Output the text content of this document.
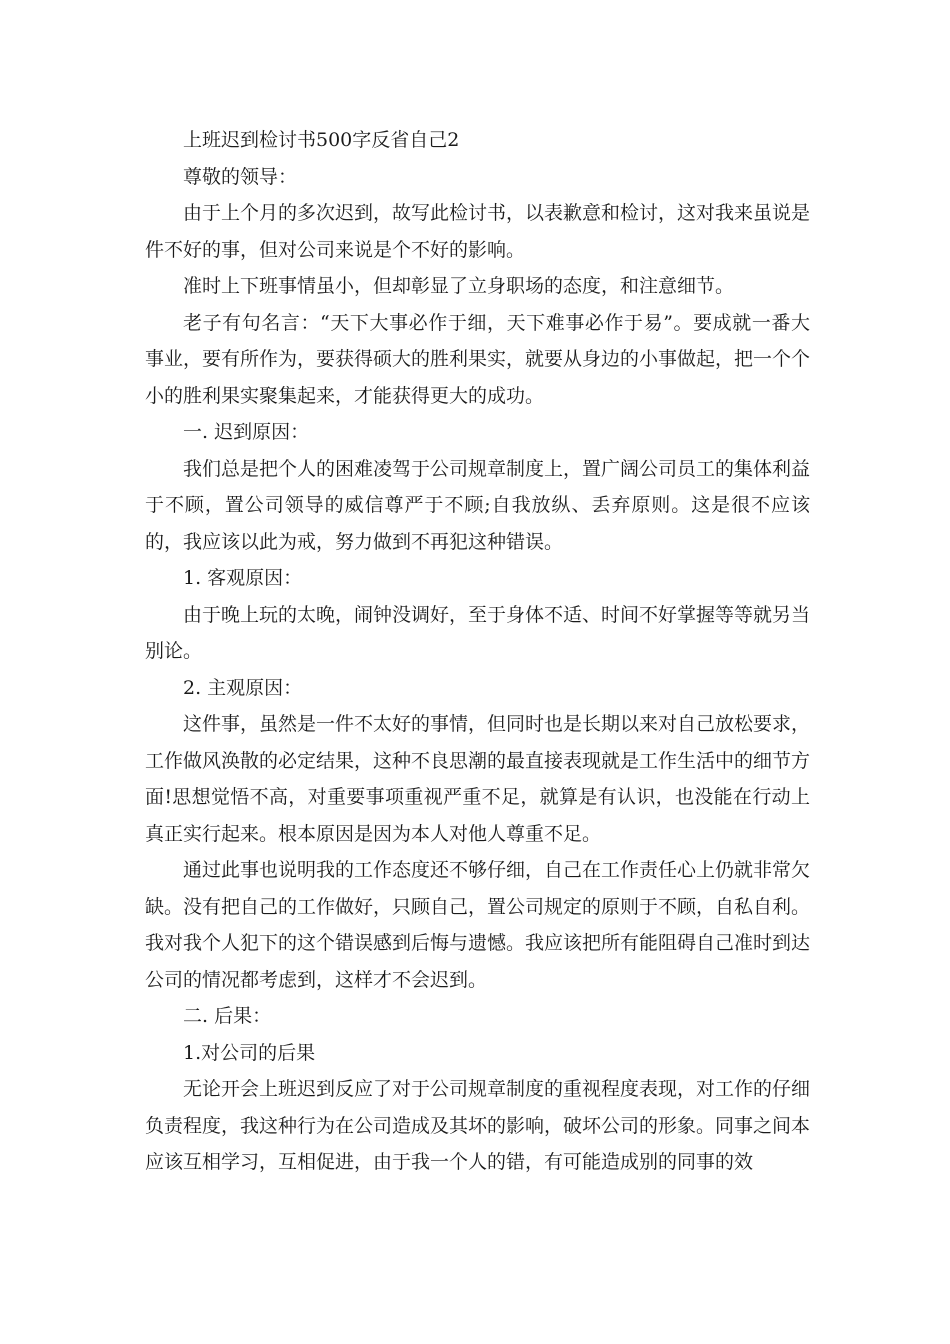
上班迟到检讨书500字反省自己2

尊敬的领导：

由于上个月的多次迟到，故写此检讨书，以表歉意和检讨，这对我来虽说是件不好的事，但对公司来说是个不好的影响。

准时上下班事情虽小，但却彰显了立身职场的态度，和注意细节。

老子有句名言：“天下大事必作于细，天下难事必作于易”。要成就一番大事业，要有所作为，要获得硕大的胜利果实，就要从身边的小事做起，把一个个小的胜利果实聚集起来，才能获得更大的成功。

一. 迟到原因：

我们总是把个人的困难凌驾于公司规章制度上，置广阔公司员工的集体利益于不顾，置公司领导的威信尊严于不顾;自我放纵、丢弃原则。这是很不应该的，我应该以此为戒，努力做到不再犯这种错误。

1. 客观原因：

由于晚上玩的太晚，闹钟没调好，至于身体不适、时间不好掌握等等就另当别论。

2. 主观原因：

这件事，虽然是一件不太好的事情，但同时也是长期以来对自己放松要求，工作做风涣散的必定结果，这种不良思潮的最直接表现就是工作生活中的细节方面!思想觉悟不高，对重要事项重视严重不足，就算是有认识，也没能在行动上真正实行起来。根本原因是因为本人对他人尊重不足。

通过此事也说明我的工作态度还不够仔细，自己在工作责任心上仍就非常欠缺。没有把自己的工作做好，只顾自己，置公司规定的原则于不顾，自私自利。我对我个人犯下的这个错误感到后悔与遗憾。我应该把所有能阻碍自己准时到达公司的情况都考虑到，这样才不会迟到。

二. 后果：

1.对公司的后果

无论开会上班迟到反应了对于公司规章制度的重视程度表现，对工作的仔细负责程度，我这种行为在公司造成及其坏的影响，破坏公司的形象。同事之间本应该互相学习，互相促进，由于我一个人的错，有可能造成别的同事的效
